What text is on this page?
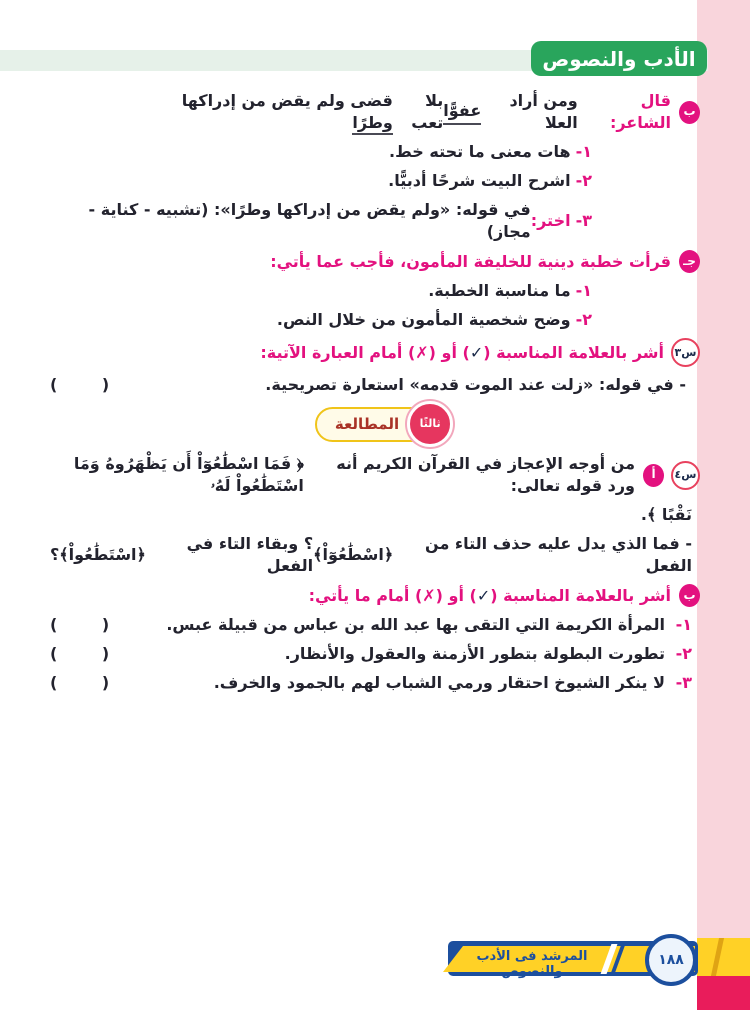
الأدب والنصوص
ب
قال الشاعر:
ومن أراد العلا
عفوًّا
بلا تعب
قضى ولم يقض من إدراكها وطرًا
١-
هات معنى ما تحته خط.
٢-
اشرح البيت شرحًا أدبيًّا.
٣-
اختر:
في قوله: «ولم يقض من إدراكها وطرًا»: (تشبيه - كناية - مجاز)
جـ
قرأت خطبة دينية للخليفة المأمون، فأجب عما يأتي:
١-
ما مناسبة الخطبة.
٢-
وضح شخصية المأمون من خلال النص.
س٣
أشر بالعلامة المناسبة (
✓
) أو (
✗
) أمام العبارة الآتية:
- في قوله: «زلت عند الموت قدمه» استعارة تصريحية.
(        )
المطالعة	ثالثًا
س٤
أ
من أوجه الإعجاز في القرآن الكريم أنه ورد قوله تعالى:
﴿ فَمَا اسْطَٰعُوٓاْ أَن يَظْهَرُوهُ وَمَا اسْتَطَٰعُواْ لَهُۥ
نَقْبًا ﴾.
- فما الذي يدل عليه حذف التاء من الفعل
﴿اسْطَٰعُوٓاْ﴾
؟ وبقاء التاء في الفعل
﴿اسْتَطَٰعُواْ﴾
؟
ب
أشر بالعلامة المناسبة (
✓
) أو (
✗
) أمام ما يأتي:
١- المرأة الكريمة التي التقى بها عبد الله بن عباس من قبيلة عبس.
(        )
٢- تطورت البطولة بتطور الأزمنة والعقول والأنظار.
(        )
٣- لا ينكر الشيوخ احتقار ورمي الشباب لهم بالجمود والخرف.
(        )
المرشد فى الأدب والنصوص
١٨٨
